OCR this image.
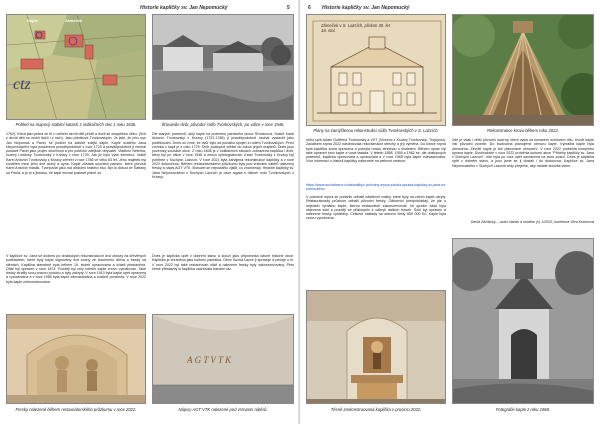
Historie kapličky sv. Jan Nepomucký	5
ctz
Kaple	Zámeček
Pohled na mapový stabilní katastr z indikačních skic z roku 1836.	Šťovanův dvůr, původní sídlo Tvorkovských, po válce v roce 1946.
1762). Která jako jedna ze tří u celkem devíti děti přežil a dožil se dospělého věku. (Své z devíti dětí se mohli dožít i z nich). Jako předkové Tvorkovských. Je jisté, že jeho syn Jan Nepomuk a Pavel, se podílel na stavbě zdejší kaple. Kaple svatého Jana Nepomuckého byla postavena pravděpodobně v roce 1729 a pravděpodobně ji nechal postavit Pavel jako projev zbožnosti a pro potěchu zdejších obyvatel. Vladimír Neterka, rozený Ledecký Tvorkovský z Krzavy v roce 1729. Jak již bylo výše zmíněno, hrabě Karel Antonín Tvorkovský z Krzavy zemřel v roce 1786 ve věku 63 let. Jeho majetek byl rozdělen mezi jeho dvě dcery a syna. Kaple zůstala součástí panství, které převzal Karel Antonín mladší. Tvorkovští jako rod obdrželi hraběcí titul. Byl to dosud ze Šafrany od Pavla, a je to s jistotou, že kapli nechal postavit právě on.
V kapličce sv. Jana se dodnes po drastických rekonstrukcích dva obrazy na dřevěných podkladech, které byly kdysi signovány dvě sochy ze zlaceného dřeva a fresky na stěnách. Kaplička stavebně byla během 19. století upravována a zčásti přestavěna. Oltář byl opraven v roce 1874. Později byl celý interiér kaple znovu vymalován. Také fresky ztratily svou pravou podobu a byly zakryty. V roce 1910 byla kaple opět opravena a vymalována a v roce 1965 byla kaple zdevastována a značně poničena. V roce 2022 byla kaple zrekonstruována.
Dle starých pramenů, stojí kaple na pozemku panského dvora Šťovanova. Hrabě Karel Antonín Tvorkovský z Krzavy (1722-1786) ji pravděpodobně nechal vystavět jako poděkování. Dnes už víme, že dvůr bylo od počátku spojen s rodem Tvorkovských. První zmínka o kapli je z roku 1729. Dvůr postupně přešel do rukou jiných majitelů. Dnes jsou pozemky součástí obce. Z roku 1836 je v indikačních skicách zobrazena kaplička i dvůr, který byl po válce v roce 1946 a znovu vyfotografován. Karel Tvorkovský z Krzavy byl pohřben v Suchých Lazcích. V roce 2021 byla zahájena rekonstrukce kapličky a v roce 2022 dokončena. Během restaurátorského průzkumu byly pod vrstvami nátěrů nalezeny fresky a nápis AGT VTK. Bohužel se nepodařilo zjistit, co znamenají. Historie kapličky sv. Jana Nepomuckého v Suchých Lazcích je úzce spjata s historií rodu Tvorkovských z Krzavy.
Dnes je kaplička opět v dobrém stavu a slouží jako připomínka dávné historie obce. Kaplička je chráněna jako kulturní památka. Obec Suchá Lazce ji spravuje a pečuje o ni. V roce 2022 byl také restaurován oltář a nalezené fresky byly zakonzervovány. Přes četné přestavby si kaplička zachovala barokní ráz.
Fresky nalezené během restaurátorského průzkumu v roce 2022.
A G T V T K
Nápisy AGT VTK nalezené pod vrstvami nátěrů.
6 Historie kapličky sv. Jan Nepomucký
Zámeček v S. Lazcích, přelom 30. let 18. stol.
Plány na zamýšlenou rekonstrukci sídla Tvorkovských v S. Lazcích.	Rekonstrukce krovu během roku 2022.
nebo spíš Adam Gottfried Tvorkovský a VKT (Vincenc z Krzavy Tvorkovský, Trojopolu). Začátkem srpna 2022 následovala rekonstrukce střechy a její výměna. Do konce srpna byla kaplička zcela opravena a pokryta novou střechou s šindelem. Během oprav byl také opraven krov kaple a nová fasáda. V letech 1858, 1955 a 1962 se, dle dostupných pramenů, kaplička opravovala a upravovala a v roce 1965 byla kaple zdevastována. Více informací o historii kapličky naleznete na webové stránce:
https://www.suchalazce.cz/aktuality/v-poloviny-srpna-zacala-oprava-kaplicky-sv-jana-nepomuckeho
V polovině srpna se podařilo odhalit nástěnné malby, které byly na zdech kaple ukryty. Restaurátorský průzkum odhalil původní fresky. Odborníci předpokládají, že jde o nejstarší výmalbu kaple, kterou restaurátoři zakonzervovali. Ve spodní části byla objevena sokl a později se přistoupilo k odkrytí dalších fresek. Sokl byl opraven a nalezené fresky vyčištěny. Celkové náklady na obnovu činily 850 000 Kč. Kaple byla znovu vysvěcena.
Zde je však i větší původní lucerny, která vyšla na kovaném ocelovém dílu. Uvnitř kaple visí původní zvonek. Do budoucna plánujeme obnovu kaple. Výmalba kaple byla obnovena. Zevnitř kaple je též plánované obnovení. V roce 2022 proběhla kompletní oprava kaple. Dlouhodobě v roce 2022 proběhla kulturní akce "Příběhy kapličky sv. Jana v Suchých Lazcích", kde byla po roce opět navrácena na svou pozici. Dnes je kaplička opět v dobrém stavu, a jsou jsme se ji dostali i do budoucna. Kapličce sv. Jana Nepomuckého v Suchých Lazcích tedy přejeme, aby nadále sloužila všem.
David Závišický – autor článku a modelu (c) 1/2023, korektura Věra Kubínová
Těsně zrekonstruovaná kaplička v prosinci 2022.	Fotografie kaple z roku 1968.
